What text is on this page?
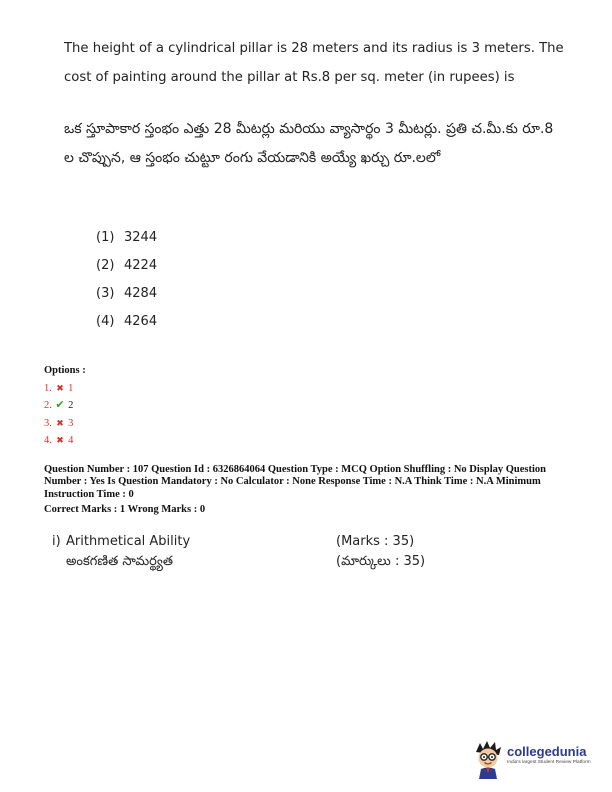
The height of a cylindrical pillar is 28 meters and its radius is 3 meters. The cost of painting around the pillar at Rs.8 per sq. meter (in rupees) is
ఒక స్తూపాకార స్తంభం ఎత్తు 28 మీటర్లు మరియు వ్యాసార్థం 3 మీటర్లు. ప్రతి చ.మీ.కు రూ.8 ల చొప్పున, ఆ స్తంభం చుట్టూ రంగు వేయడానికి అయ్యే ఖర్చు రూ.లలో
(1) 3244
(2) 4224
(3) 4284
(4) 4264
Options :
1. ✖ 1
2. ✔ 2
3. ✖ 3
4. ✖ 4
Question Number : 107 Question Id : 6326864064 Question Type : MCQ Option Shuffling : No Display Question Number : Yes Is Question Mandatory : No Calculator : None Response Time : N.A Think Time : N.A Minimum Instruction Time : 0
Correct Marks : 1 Wrong Marks : 0
i) Arithmetical Ability	(Marks : 35)
అంకగణిత సామర్థ్యత	(మార్కులు : 35)
collegedunia
India's largest Student Review Platform
